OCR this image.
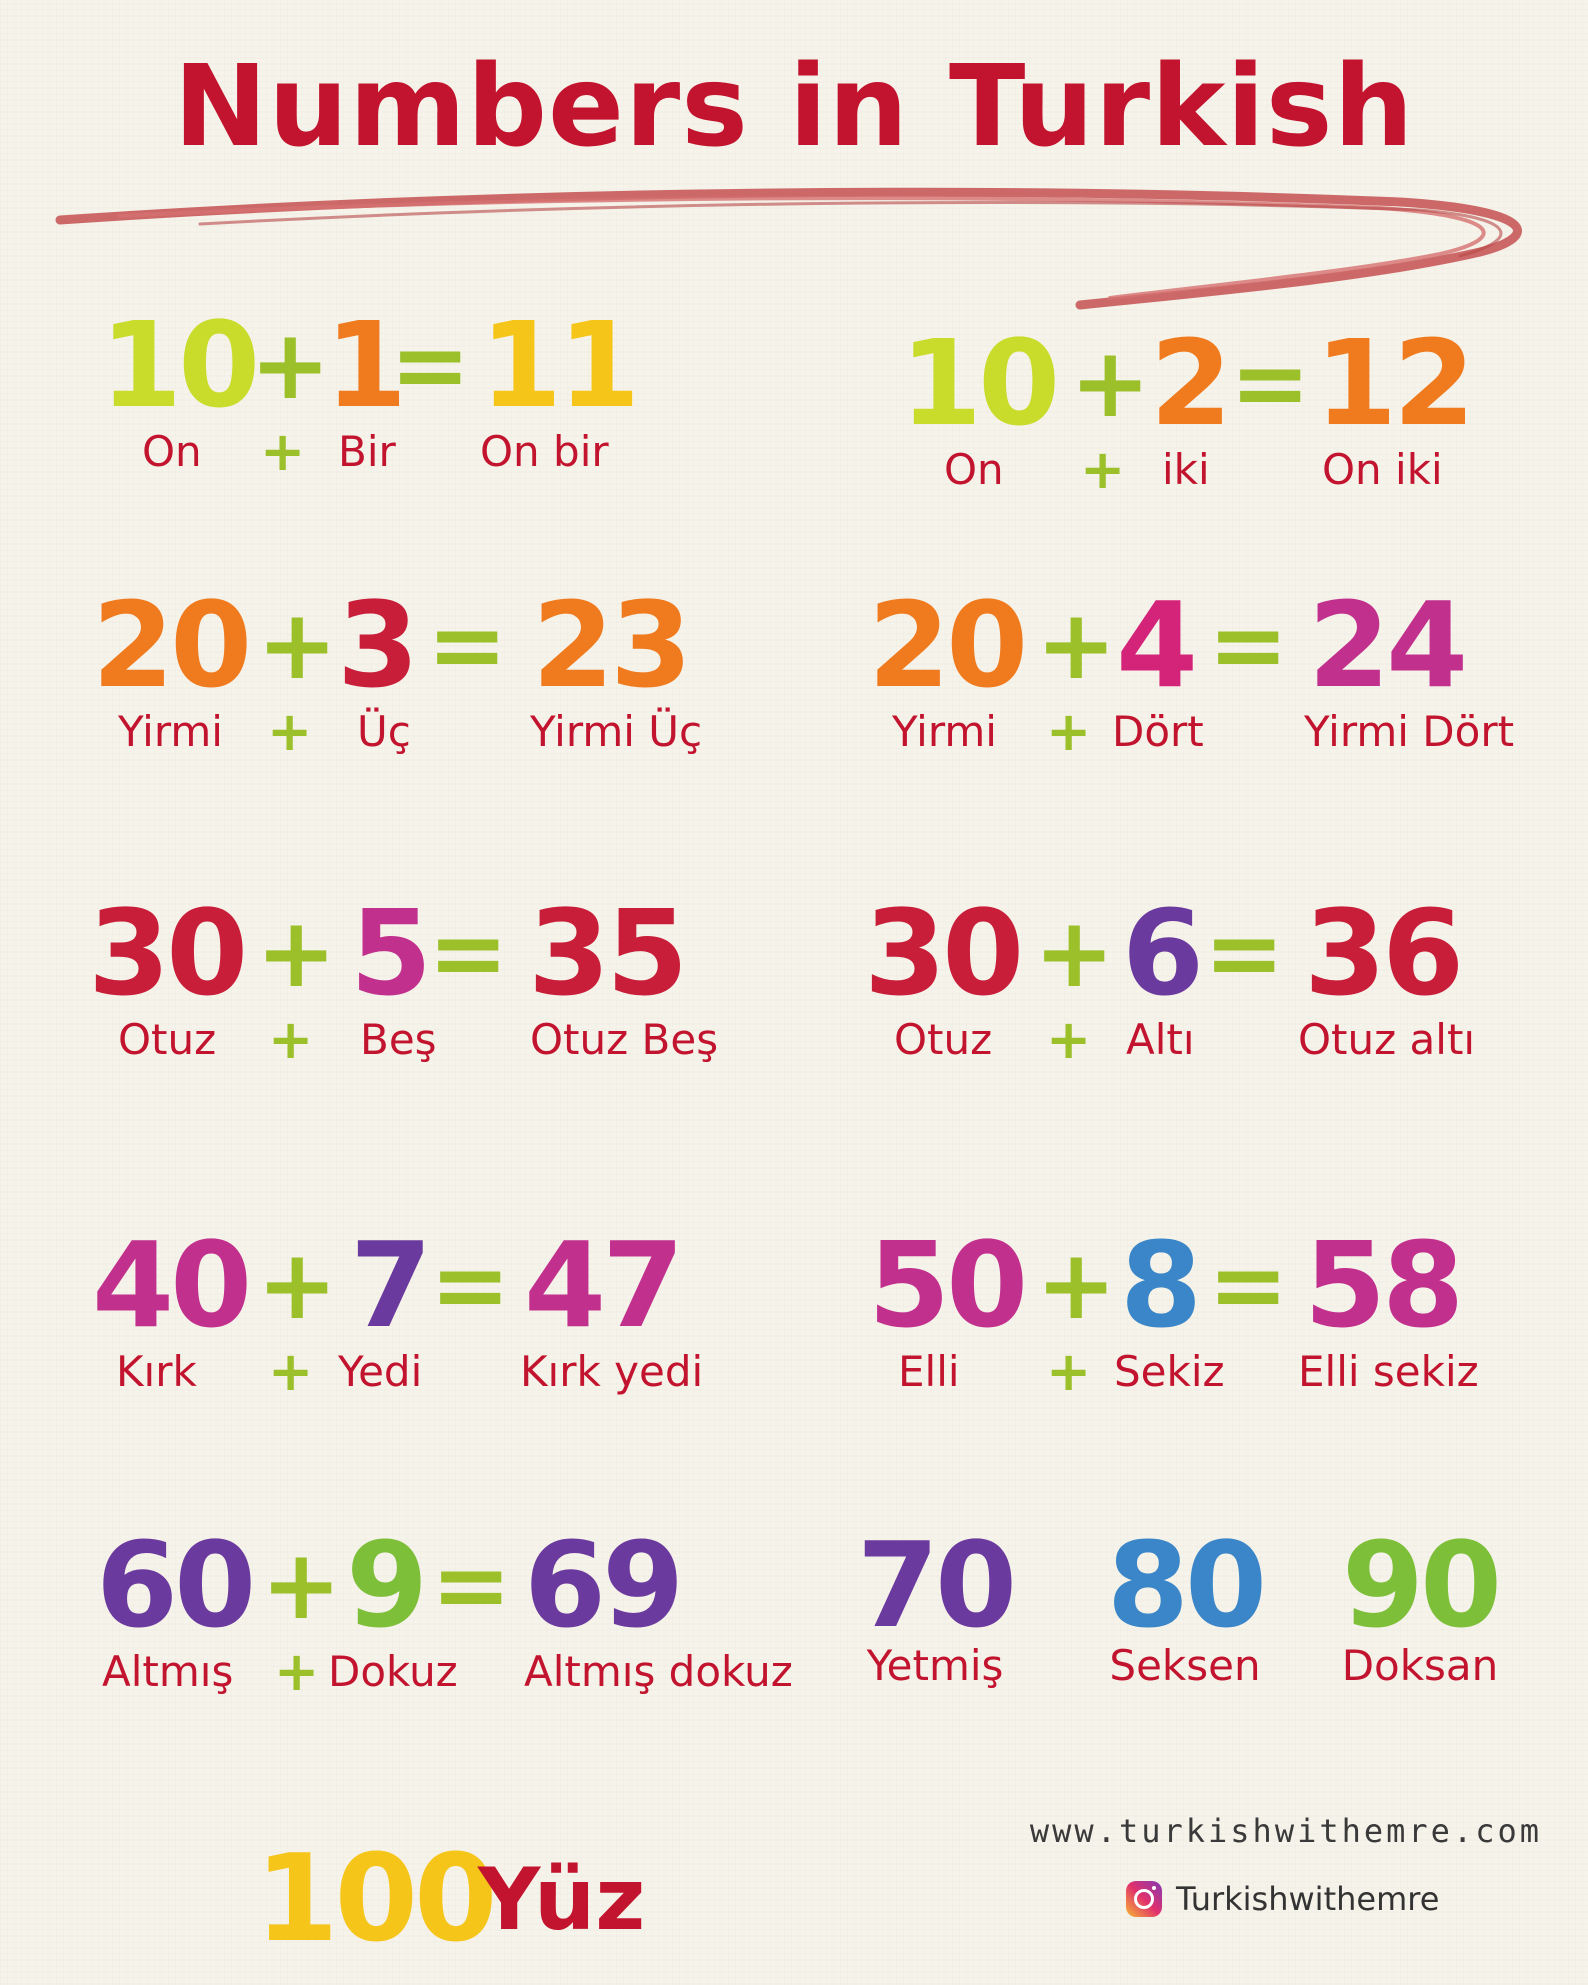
Numbers in Turkish
10
+
1
= 11
On + Bir On bir 10 + 2 = 12
On + iki	On iki
20 + 3 = 23
Yirmi + Üç	Yirmi Üç
20 + 4 = 24
Yirmi + Dört Yirmi Dört
30 + 5 = 35
Otuz + Beş Otuz Beş
30 + 6 = 36
Otuz + Altı Otuz altı
40 + 7 = 47
Kırk + Yedi Kırk yedi
50 + 8 = 58
Elli + Sekiz Elli sekiz
60 + 9 = 69
Altmış + Dokuz Altmış dokuz
70
Yetmiş
80
Seksen
90
Doksan
100
Yüz
www.turkishwithemre.com
Turkishwithemre
